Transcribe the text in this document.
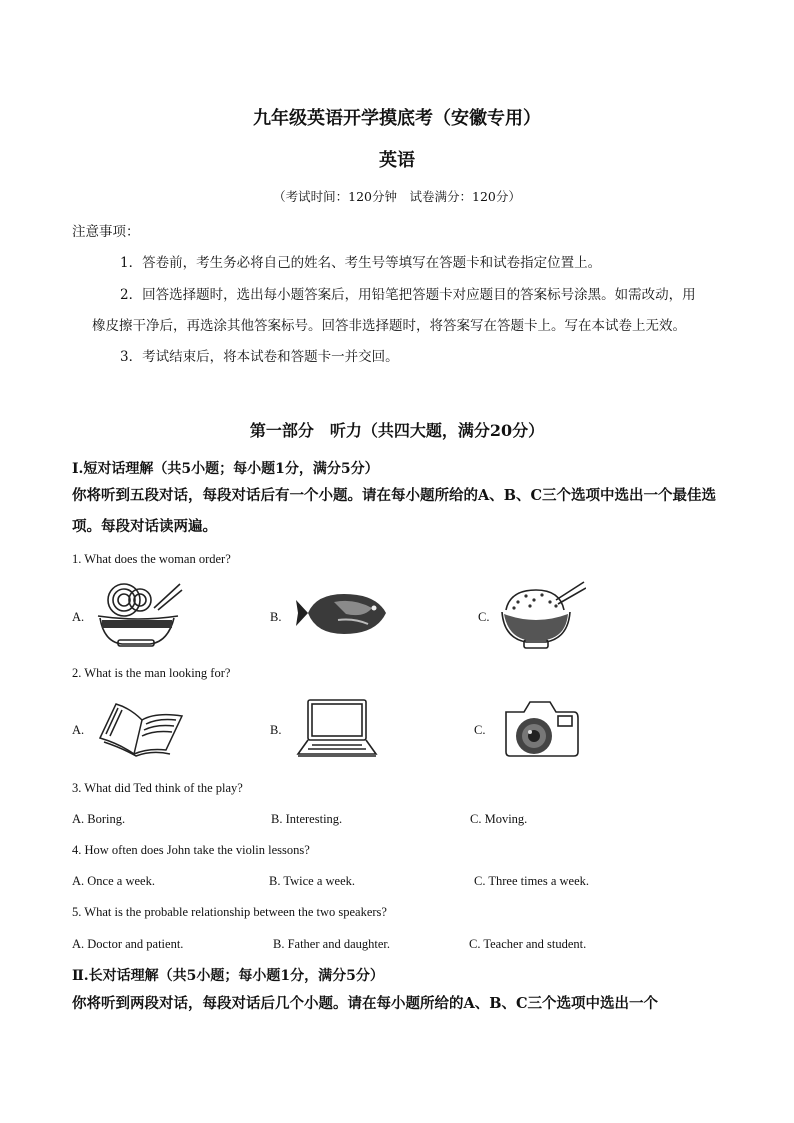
九年级英语开学摸底考（安徽专用）
英语
（考试时间：120分钟　试卷满分：120分）
注意事项：
1．答卷前，考生务必将自己的姓名、考生号等填写在答题卡和试卷指定位置上。
2．回答选择题时，选出每小题答案后，用铅笔把答题卡对应题目的答案标号涂黑。如需改动，用
橡皮擦干净后，再选涂其他答案标号。回答非选择题时，将答案写在答题卡上。写在本试卷上无效。
3．考试结束后，将本试卷和答题卡一并交回。
第一部分　听力（共四大题，满分20分）
Ⅰ.短对话理解（共5小题；每小题1分，满分5分）
你将听到五段对话，每段对话后有一个小题。请在每小题所给的A、B、C三个选项中选出一个最佳选项。每段对话读两遍。
1. What does the woman order?
A.	B.	C.
2. What is the man looking for?
A.	B.	C.
3. What did Ted think of the play?
A. Boring.	B. Interesting.	C. Moving.
4. How often does John take the violin lessons?
A. Once a week.	B. Twice a week.	C. Three times a week.
5. What is the probable relationship between the two speakers?
A. Doctor and patient.	B. Father and daughter.	C. Teacher and student.
Ⅱ.长对话理解（共5小题；每小题1分，满分5分）
你将听到两段对话，每段对话后几个小题。请在每小题所给的A、B、C三个选项中选出一个
